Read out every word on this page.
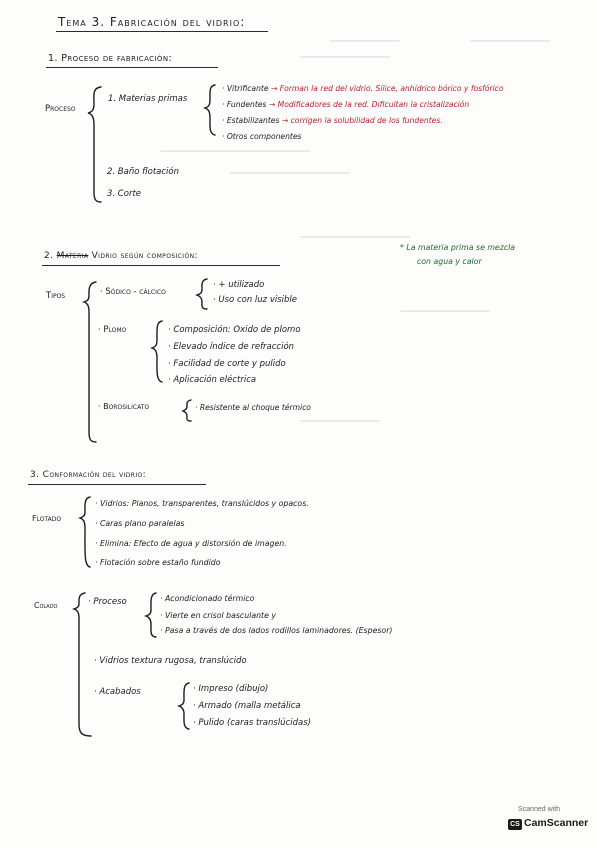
Tema 3. Fabricación del vidrio:
1. Proceso de fabricación:
Proceso
1. Materias primas
· Vitrificante → Forman la red del vidrio. Sílice, anhídrico bórico y fosfórico
· Fundentes → Modificadores de la red. Dificultan la cristalización
· Estabilizantes → corrigen la solubilidad de los fundentes.
· Otros componentes
2. Baño flotación
3. Corte
2. Materia Vidrio según composición:
* La materia prima se mezcla
con agua y calor
Tipos	· Sódico - cálcico
· + utilizado
· Uso con luz visible
· Plomo	· Composición: Oxido de plomo
· Elevado índice de refracción
· Facilidad de corte y pulido
· Aplicación eléctrica
· Borosilicato	· Resistente al choque térmico
3. Conformación del vidrio:
Flotado
· Vidrios: Planos, transparentes, translúcidos y opacos.
· Caras plano paralelas
· Elimina: Efecto de agua y distorsión de imagen.
· Flotación sobre estaño fundido
Colado	· Proceso	· Acondicionado térmico
· Vierte en crisol basculante y
· Pasa a través de dos lados rodillos laminadores. (Espesor)
· Vidrios textura rugosa, translúcido
· Acabados	· Impreso (dibujo)
· Armado (malla metálica
· Pulido (caras translúcidas)
Scanned with
CS CamScanner
